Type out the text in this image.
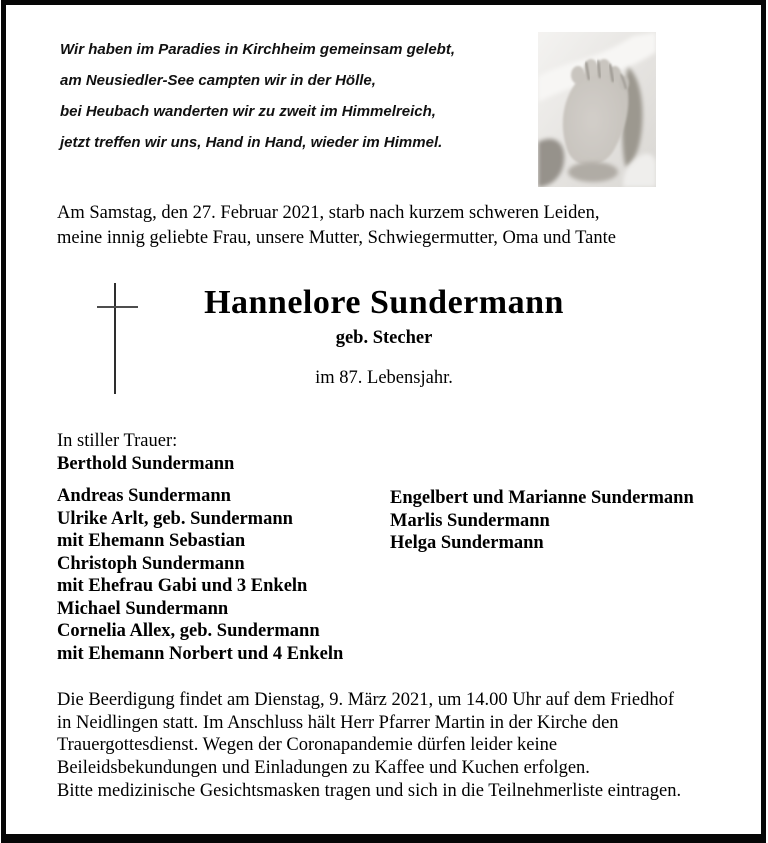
Wir haben im Paradies in Kirchheim gemeinsam gelebt,
am Neusiedler-See campten wir in der Hölle,
bei Heubach wanderten wir zu zweit im Himmelreich,
jetzt treffen wir uns, Hand in Hand, wieder im Himmel.
Am Samstag, den 27. Februar 2021, starb nach kurzem schweren Leiden,
meine innig geliebte Frau, unsere Mutter, Schwiegermutter, Oma und Tante
Hannelore Sundermann
geb. Stecher
im 87. Lebensjahr.
In stiller Trauer:
Berthold Sundermann
Andreas Sundermann
Ulrike Arlt, geb. Sundermann
mit Ehemann Sebastian
Christoph Sundermann
mit Ehefrau Gabi und 3 Enkeln
Michael Sundermann
Cornelia Allex, geb. Sundermann
mit Ehemann Norbert und 4 Enkeln
Engelbert und Marianne Sundermann
Marlis Sundermann
Helga Sundermann
Die Beerdigung findet am Dienstag, 9. März 2021, um 14.00 Uhr auf dem Friedhof
in Neidlingen statt. Im Anschluss hält Herr Pfarrer Martin in der Kirche den
Trauergottesdienst. Wegen der Coronapandemie dürfen leider keine
Beileidsbekundungen und Einladungen zu Kaffee und Kuchen erfolgen.
Bitte medizinische Gesichtsmasken tragen und sich in die Teilnehmerliste eintragen.
